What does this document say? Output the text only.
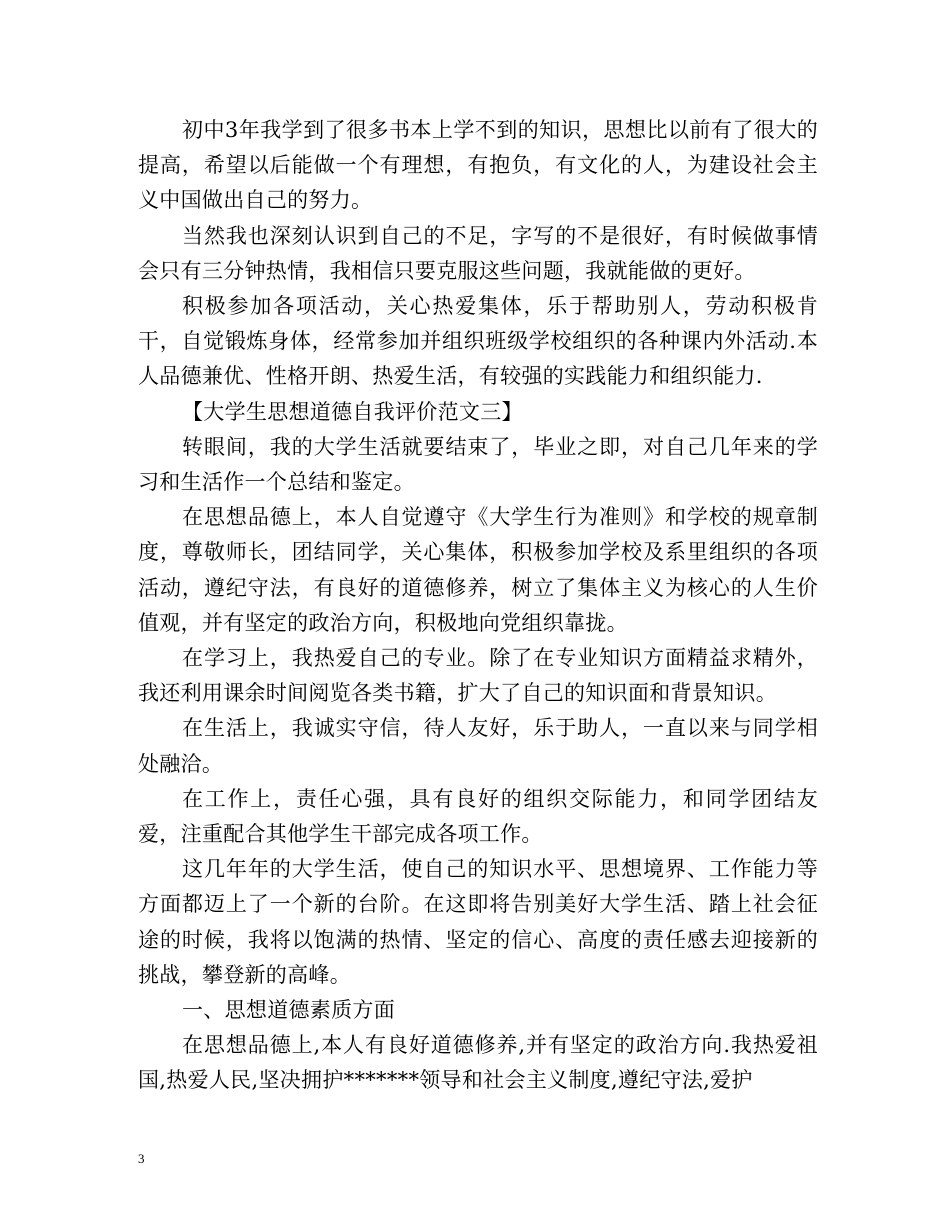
初中3年我学到了很多书本上学不到的知识，思想比以前有了很大的提高，希望以后能做一个有理想，有抱负，有文化的人，为建设社会主义中国做出自己的努力。

当然我也深刻认识到自己的不足，字写的不是很好，有时候做事情会只有三分钟热情，我相信只要克服这些问题，我就能做的更好。

积极参加各项活动，关心热爱集体，乐于帮助别人，劳动积极肯干，自觉锻炼身体，经常参加并组织班级学校组织的各种课内外活动.本人品德兼优、性格开朗、热爱生活，有较强的实践能力和组织能力.

【大学生思想道德自我评价范文三】

转眼间，我的大学生活就要结束了，毕业之即，对自己几年来的学习和生活作一个总结和鉴定。

在思想品德上，本人自觉遵守《大学生行为准则》和学校的规章制度，尊敬师长，团结同学，关心集体，积极参加学校及系里组织的各项活动，遵纪守法，有良好的道德修养，树立了集体主义为核心的人生价值观，并有坚定的政治方向，积极地向党组织靠拢。

在学习上，我热爱自己的专业。除了在专业知识方面精益求精外，我还利用课余时间阅览各类书籍，扩大了自己的知识面和背景知识。

在生活上，我诚实守信，待人友好，乐于助人，一直以来与同学相处融洽。

在工作上，责任心强，具有良好的组织交际能力，和同学团结友爱，注重配合其他学生干部完成各项工作。

这几年年的大学生活，使自己的知识水平、思想境界、工作能力等方面都迈上了一个新的台阶。在这即将告别美好大学生活、踏上社会征途的时候，我将以饱满的热情、坚定的信心、高度的责任感去迎接新的挑战，攀登新的高峰。

一、思想道德素质方面

在思想品德上,本人有良好道德修养,并有坚定的政治方向.我热爱祖国,热爱人民,坚决拥护*******领导和社会主义制度,遵纪守法,爱护

3
